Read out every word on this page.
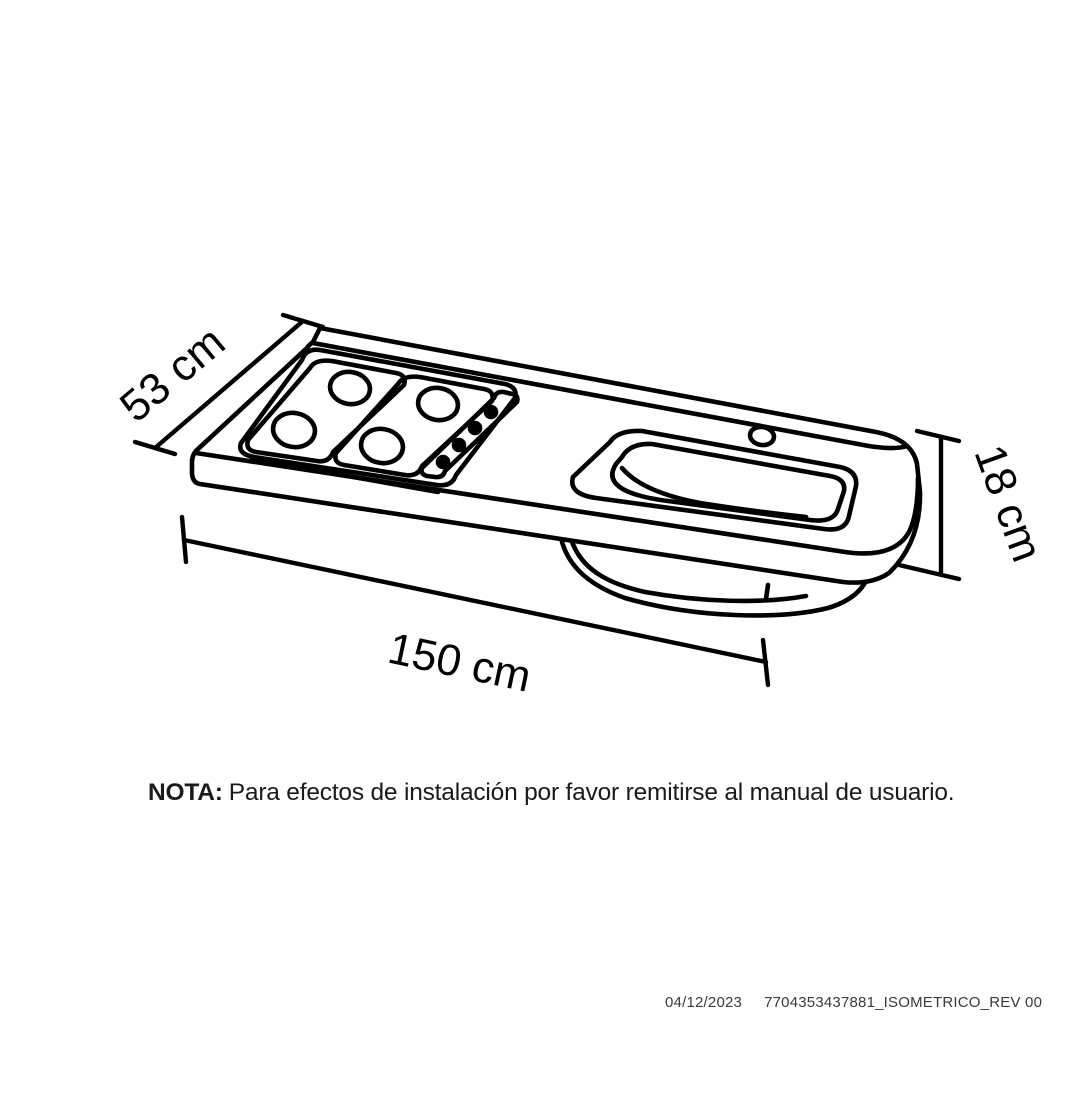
53 cm
150 cm
18 cm
NOTA: Para efectos de instalación por favor remitirse al manual de usuario.
04/12/2023 7704353437881_ISOMETRICO_REV 00
